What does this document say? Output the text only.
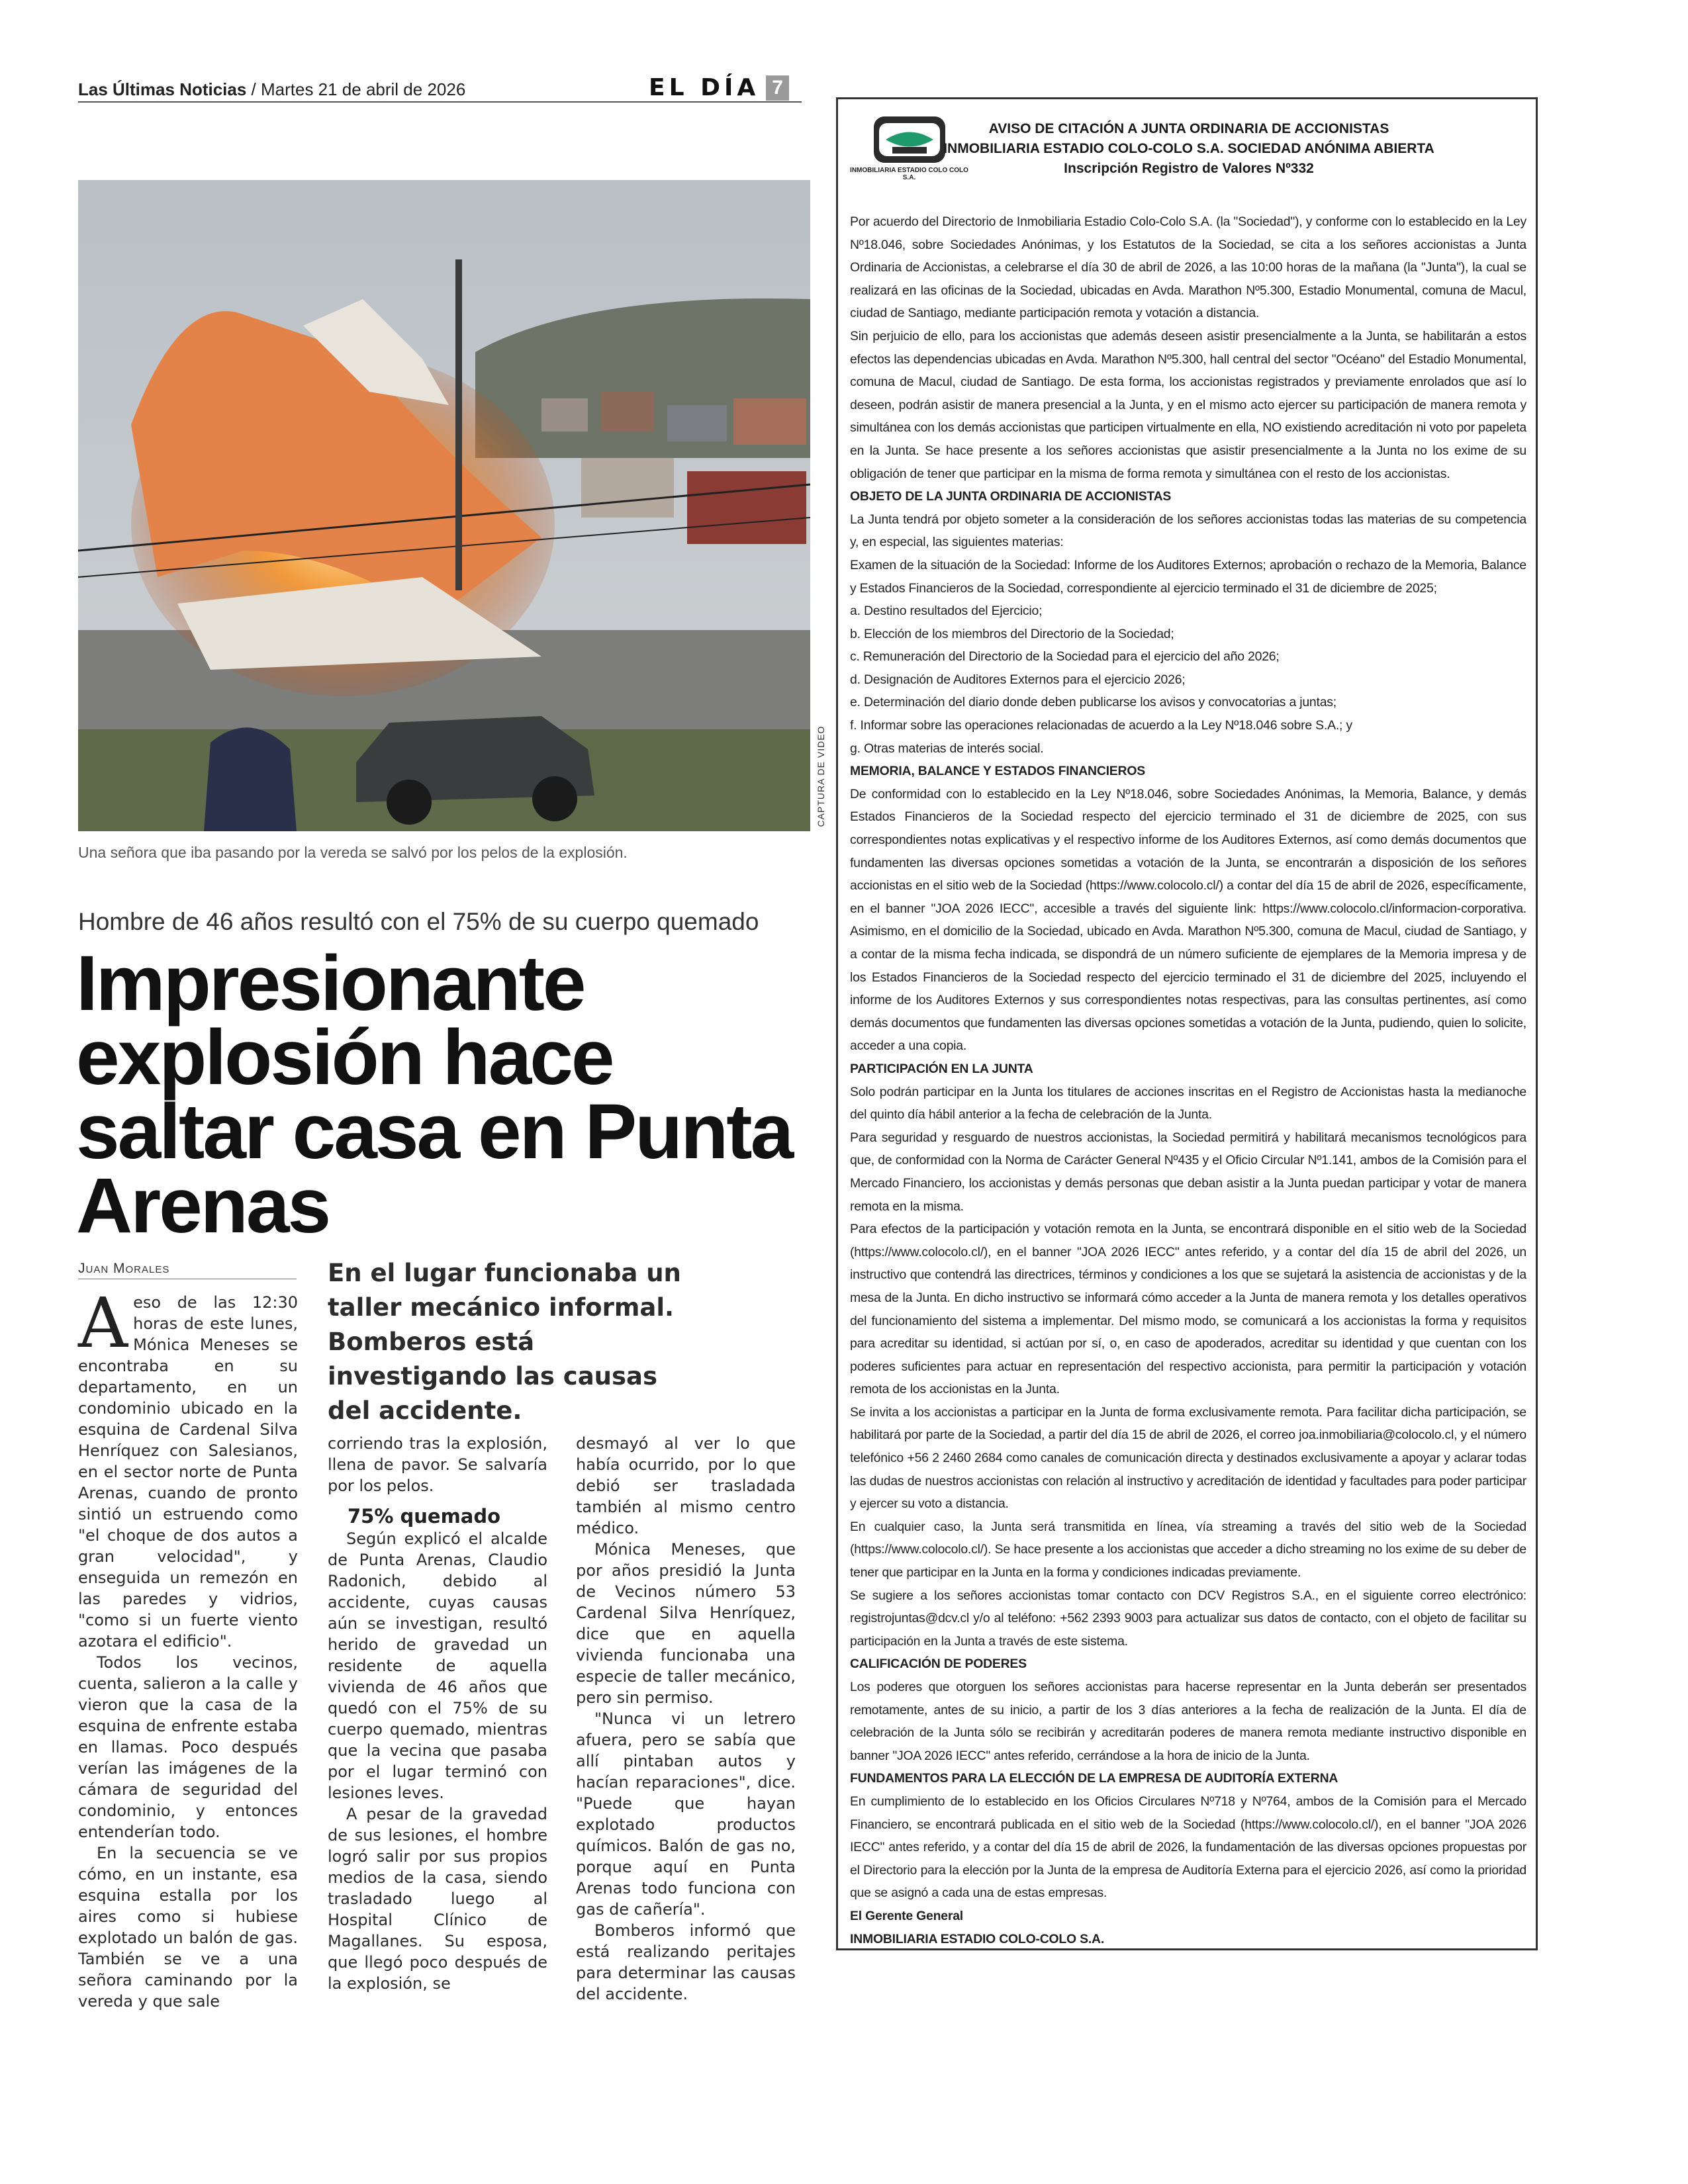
Las Últimas Noticias / Martes 21 de abril de 2026	EL DÍA 7
CAPTURA DE VIDEO
Una señora que iba pasando por la vereda se salvó por los pelos de la explosión.
Hombre de 46 años resultó con el 75% de su cuerpo quemado
Impresionante explosión hace saltar casa en Punta Arenas
Juan Morales	En el lugar funcionaba un taller mecánico informal. Bomberos está investigando las causas del accidente.

Aeso de las 12:30 horas de este lunes, Mónica Meneses se encontraba en su departamento, en un condominio ubicado en la esquina de Cardenal Silva Henríquez con Salesianos, en el sector norte de Punta Arenas, cuando de pronto sintió un estruendo como "el choque de dos autos a gran velocidad", y enseguida un remezón en las paredes y vidrios, "como si un fuerte viento azotara el edificio".

Todos los vecinos, cuenta, salieron a la calle y vieron que la casa de la esquina de enfrente estaba en llamas. Poco después verían las imágenes de la cámara de seguridad del condominio, y entonces entenderían todo.

En la secuencia se ve cómo, en un instante, esa esquina estalla por los aires como si hubiese explotado un balón de gas. También se ve a una señora caminando por la vereda y que sale

corriendo tras la explosión, llena de pavor. Se salvaría por los pelos.

75% quemado

Según explicó el alcalde de Punta Arenas, Claudio Radonich, debido al accidente, cuyas causas aún se investigan, resultó herido de gravedad un residente de aquella vivienda de 46 años que quedó con el 75% de su cuerpo quemado, mientras que la vecina que pasaba por el lugar terminó con lesiones leves.

A pesar de la gravedad de sus lesiones, el hombre logró salir por sus propios medios de la casa, siendo trasladado luego al Hospital Clínico de Magallanes. Su esposa, que llegó poco después de la explosión, se

desmayó al ver lo que había ocurrido, por lo que debió ser trasladada también al mismo centro médico.

Mónica Meneses, que por años presidió la Junta de Vecinos número 53 Cardenal Silva Henríquez, dice que en aquella vivienda funcionaba una especie de taller mecánico, pero sin permiso.

"Nunca vi un letrero afuera, pero se sabía que allí pintaban autos y hacían reparaciones", dice. "Puede que hayan explotado productos químicos. Balón de gas no, porque aquí en Punta Arenas todo funciona con gas de cañería".

Bomberos informó que está realizando peritajes para determinar las causas del accidente.

INMOBILIARIA ESTADIO COLO COLO S.A.
AVISO DE CITACIÓN A JUNTA ORDINARIA DE ACCIONISTAS
INMOBILIARIA ESTADIO COLO-COLO S.A. SOCIEDAD ANÓNIMA ABIERTA
Inscripción Registro de Valores Nº332

Por acuerdo del Directorio de Inmobiliaria Estadio Colo-Colo S.A. (la "Sociedad"), y conforme con lo establecido en la Ley Nº18.046, sobre Sociedades Anónimas, y los Estatutos de la Sociedad, se cita a los señores accionistas a Junta Ordinaria de Accionistas, a celebrarse el día 30 de abril de 2026, a las 10:00 horas de la mañana (la "Junta"), la cual se realizará en las oficinas de la Sociedad, ubicadas en Avda. Marathon Nº5.300, Estadio Monumental, comuna de Macul, ciudad de Santiago, mediante participación remota y votación a distancia.

Sin perjuicio de ello, para los accionistas que además deseen asistir presencialmente a la Junta, se habilitarán a estos efectos las dependencias ubicadas en Avda. Marathon Nº5.300, hall central del sector "Océano" del Estadio Monumental, comuna de Macul, ciudad de Santiago. De esta forma, los accionistas registrados y previamente enrolados que así lo deseen, podrán asistir de manera presencial a la Junta, y en el mismo acto ejercer su participación de manera remota y simultánea con los demás accionistas que participen virtualmente en ella, NO existiendo acreditación ni voto por papeleta en la Junta. Se hace presente a los señores accionistas que asistir presencialmente a la Junta no los exime de su obligación de tener que participar en la misma de forma remota y simultánea con el resto de los accionistas.

OBJETO DE LA JUNTA ORDINARIA DE ACCIONISTAS

La Junta tendrá por objeto someter a la consideración de los señores accionistas todas las materias de su competencia y, en especial, las siguientes materias:

Examen de la situación de la Sociedad: Informe de los Auditores Externos; aprobación o rechazo de la Memoria, Balance y Estados Financieros de la Sociedad, correspondiente al ejercicio terminado el 31 de diciembre de 2025;

a. Destino resultados del Ejercicio;

b. Elección de los miembros del Directorio de la Sociedad;

c. Remuneración del Directorio de la Sociedad para el ejercicio del año 2026;

d. Designación de Auditores Externos para el ejercicio 2026;

e. Determinación del diario donde deben publicarse los avisos y convocatorias a juntas;

f. Informar sobre las operaciones relacionadas de acuerdo a la Ley Nº18.046 sobre S.A.; y

g. Otras materias de interés social.

MEMORIA, BALANCE Y ESTADOS FINANCIEROS

De conformidad con lo establecido en la Ley Nº18.046, sobre Sociedades Anónimas, la Memoria, Balance, y demás Estados Financieros de la Sociedad respecto del ejercicio terminado el 31 de diciembre de 2025, con sus correspondientes notas explicativas y el respectivo informe de los Auditores Externos, así como demás documentos que fundamenten las diversas opciones sometidas a votación de la Junta, se encontrarán a disposición de los señores accionistas en el sitio web de la Sociedad (https://www.colocolo.cl/) a contar del día 15 de abril de 2026, específicamente, en el banner "JOA 2026 IECC", accesible a través del siguiente link: https://www.colocolo.cl/informacion-corporativa. Asimismo, en el domicilio de la Sociedad, ubicado en Avda. Marathon Nº5.300, comuna de Macul, ciudad de Santiago, y a contar de la misma fecha indicada, se dispondrá de un número suficiente de ejemplares de la Memoria impresa y de los Estados Financieros de la Sociedad respecto del ejercicio terminado el 31 de diciembre del 2025, incluyendo el informe de los Auditores Externos y sus correspondientes notas respectivas, para las consultas pertinentes, así como demás documentos que fundamenten las diversas opciones sometidas a votación de la Junta, pudiendo, quien lo solicite, acceder a una copia.

PARTICIPACIÓN EN LA JUNTA

Solo podrán participar en la Junta los titulares de acciones inscritas en el Registro de Accionistas hasta la medianoche del quinto día hábil anterior a la fecha de celebración de la Junta.

Para seguridad y resguardo de nuestros accionistas, la Sociedad permitirá y habilitará mecanismos tecnológicos para que, de conformidad con la Norma de Carácter General Nº435 y el Oficio Circular Nº1.141, ambos de la Comisión para el Mercado Financiero, los accionistas y demás personas que deban asistir a la Junta puedan participar y votar de manera remota en la misma.

Para efectos de la participación y votación remota en la Junta, se encontrará disponible en el sitio web de la Sociedad (https://www.colocolo.cl/), en el banner "JOA 2026 IECC" antes referido, y a contar del día 15 de abril del 2026, un instructivo que contendrá las directrices, términos y condiciones a los que se sujetará la asistencia de accionistas y de la mesa de la Junta. En dicho instructivo se informará cómo acceder a la Junta de manera remota y los detalles operativos del funcionamiento del sistema a implementar. Del mismo modo, se comunicará a los accionistas la forma y requisitos para acreditar su identidad, si actúan por sí, o, en caso de apoderados, acreditar su identidad y que cuentan con los poderes suficientes para actuar en representación del respectivo accionista, para permitir la participación y votación remota de los accionistas en la Junta.

Se invita a los accionistas a participar en la Junta de forma exclusivamente remota. Para facilitar dicha participación, se habilitará por parte de la Sociedad, a partir del día 15 de abril de 2026, el correo joa.inmobiliaria@colocolo.cl, y el número telefónico +56 2 2460 2684 como canales de comunicación directa y destinados exclusivamente a apoyar y aclarar todas las dudas de nuestros accionistas con relación al instructivo y acreditación de identidad y facultades para poder participar y ejercer su voto a distancia.

En cualquier caso, la Junta será transmitida en línea, vía streaming a través del sitio web de la Sociedad (https://www.colocolo.cl/). Se hace presente a los accionistas que acceder a dicho streaming no los exime de su deber de tener que participar en la Junta en la forma y condiciones indicadas previamente.

Se sugiere a los señores accionistas tomar contacto con DCV Registros S.A., en el siguiente correo electrónico: registrojuntas@dcv.cl y/o al teléfono: +562 2393 9003 para actualizar sus datos de contacto, con el objeto de facilitar su participación en la Junta a través de este sistema.

CALIFICACIÓN DE PODERES

Los poderes que otorguen los señores accionistas para hacerse representar en la Junta deberán ser presentados remotamente, antes de su inicio, a partir de los 3 días anteriores a la fecha de realización de la Junta. El día de celebración de la Junta sólo se recibirán y acreditarán poderes de manera remota mediante instructivo disponible en banner "JOA 2026 IECC" antes referido, cerrándose a la hora de inicio de la Junta.

FUNDAMENTOS PARA LA ELECCIÓN DE LA EMPRESA DE AUDITORÍA EXTERNA

En cumplimiento de lo establecido en los Oficios Circulares Nº718 y Nº764, ambos de la Comisión para el Mercado Financiero, se encontrará publicada en el sitio web de la Sociedad (https://www.colocolo.cl/), en el banner "JOA 2026 IECC" antes referido, y a contar del día 15 de abril de 2026, la fundamentación de las diversas opciones propuestas por el Directorio para la elección por la Junta de la empresa de Auditoría Externa para el ejercicio 2026, así como la prioridad que se asignó a cada una de estas empresas.

El Gerente General

INMOBILIARIA ESTADIO COLO-COLO S.A.
